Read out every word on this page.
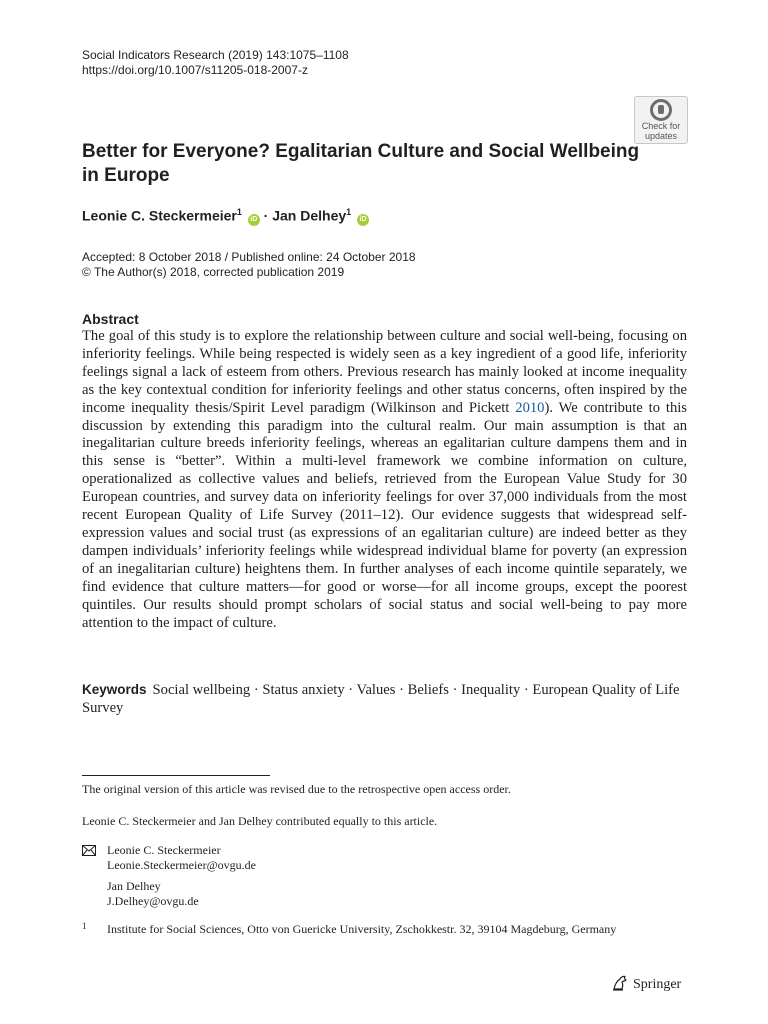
Social Indicators Research (2019) 143:1075–1108
https://doi.org/10.1007/s11205-018-2007-z
Check for
updates
Better for Everyone? Egalitarian Culture and Social Wellbeing
in Europe
Leonie C. Steckermeier$^1$ iD · Jan Delhey$^1$ iD
Accepted: 8 October 2018 / Published online: 24 October 2018
© The Author(s) 2018, corrected publication 2019
Abstract

The goal of this study is to explore the relationship between culture and social well-being, focusing on inferiority feelings. While being respected is widely seen as a key ingredient of a good life, inferiority feelings signal a lack of esteem from others. Previous research has mainly looked at income inequality as the key contextual condition for inferiority feelings and other status concerns, often inspired by the income inequality thesis/Spirit Level paradigm (Wilkinson and Pickett 2010). We contribute to this discussion by extending this paradigm into the cultural realm. Our main assumption is that an inegalitarian culture breeds inferiority feelings, whereas an egalitarian culture dampens them and in this sense is “better”. Within a multi-level framework we combine information on culture, operationalized as collective values and beliefs, retrieved from the European Value Study for 30 European countries, and survey data on inferiority feelings for over 37,000 individuals from the most recent European Quality of Life Survey (2011–12). Our evidence suggests that widespread self-expression values and social trust (as expressions of an egalitarian culture) are indeed better as they dampen individuals’ inferiority feelings while widespread individual blame for poverty (an expression of an inegalitarian culture) heightens them. In further analyses of each income quintile separately, we find evidence that culture matters—for good or worse—for all income groups, except the poorest quintiles. Our results should prompt scholars of social status and social well-being to pay more attention to the impact of culture.

Keywords Social wellbeing · Status anxiety · Values · Beliefs · Inequality · European Quality of Life Survey
The original version of this article was revised due to the retrospective open access order.
Leonie C. Steckermeier and Jan Delhey contributed equally to this article.
Leonie C. Steckermeier
Leonie.Steckermeier@ovgu.de
Jan Delhey
J.Delhey@ovgu.de
1 Institute for Social Sciences, Otto von Guericke University, Zschokkestr. 32, 39104 Magdeburg, Germany
Springer
